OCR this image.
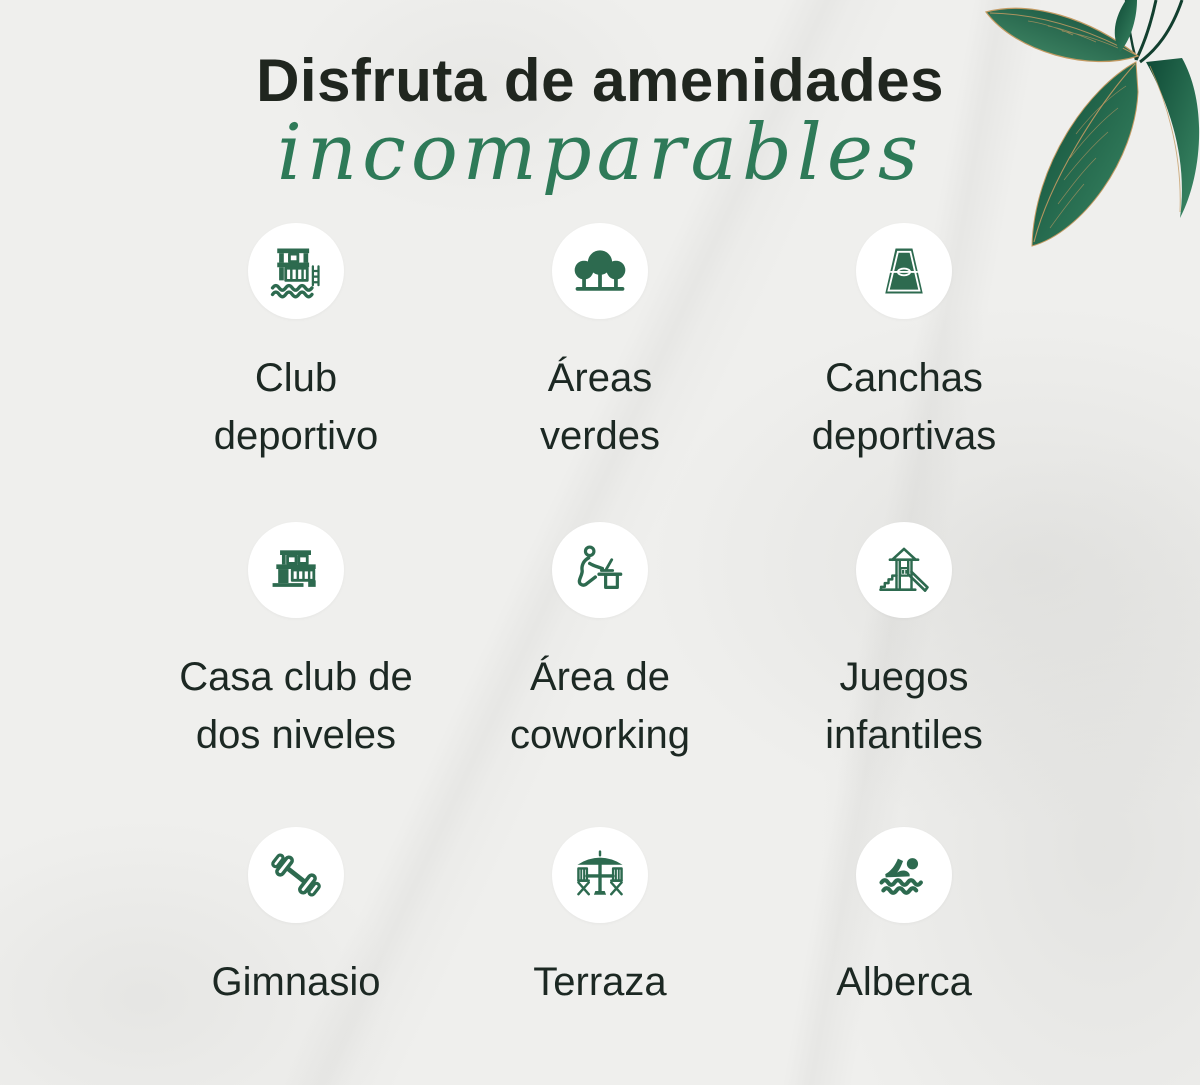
Disfruta de amenidades
incomparables
Club
deportivo
Áreas
verdes
Canchas
deportivas
Casa club de
dos niveles
Área de
coworking
Juegos
infantiles
Gimnasio	Terraza	Alberca
